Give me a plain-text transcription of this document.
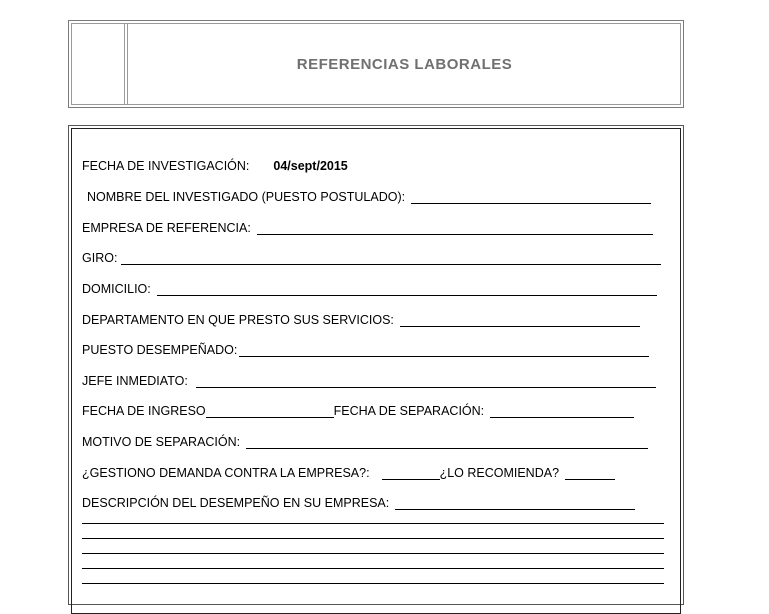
REFERENCIAS LABORALES
FECHA DE INVESTIGACIÓN: 04/sept/2015
NOMBRE DEL INVESTIGADO (PUESTO POSTULADO):
EMPRESA DE REFERENCIA:
GIRO:
DOMICILIO:
DEPARTAMENTO EN QUE PRESTO SUS SERVICIOS:
PUESTO DESEMPEÑADO:
JEFE INMEDIATO:
FECHA DE INGRESO	FECHA DE SEPARACIÓN:
MOTIVO DE SEPARACIÓN:
¿GESTIONO DEMANDA CONTRA LA EMPRESA?:	¿LO RECOMIENDA?
DESCRIPCIÓN DEL DESEMPEÑO EN SU EMPRESA:
